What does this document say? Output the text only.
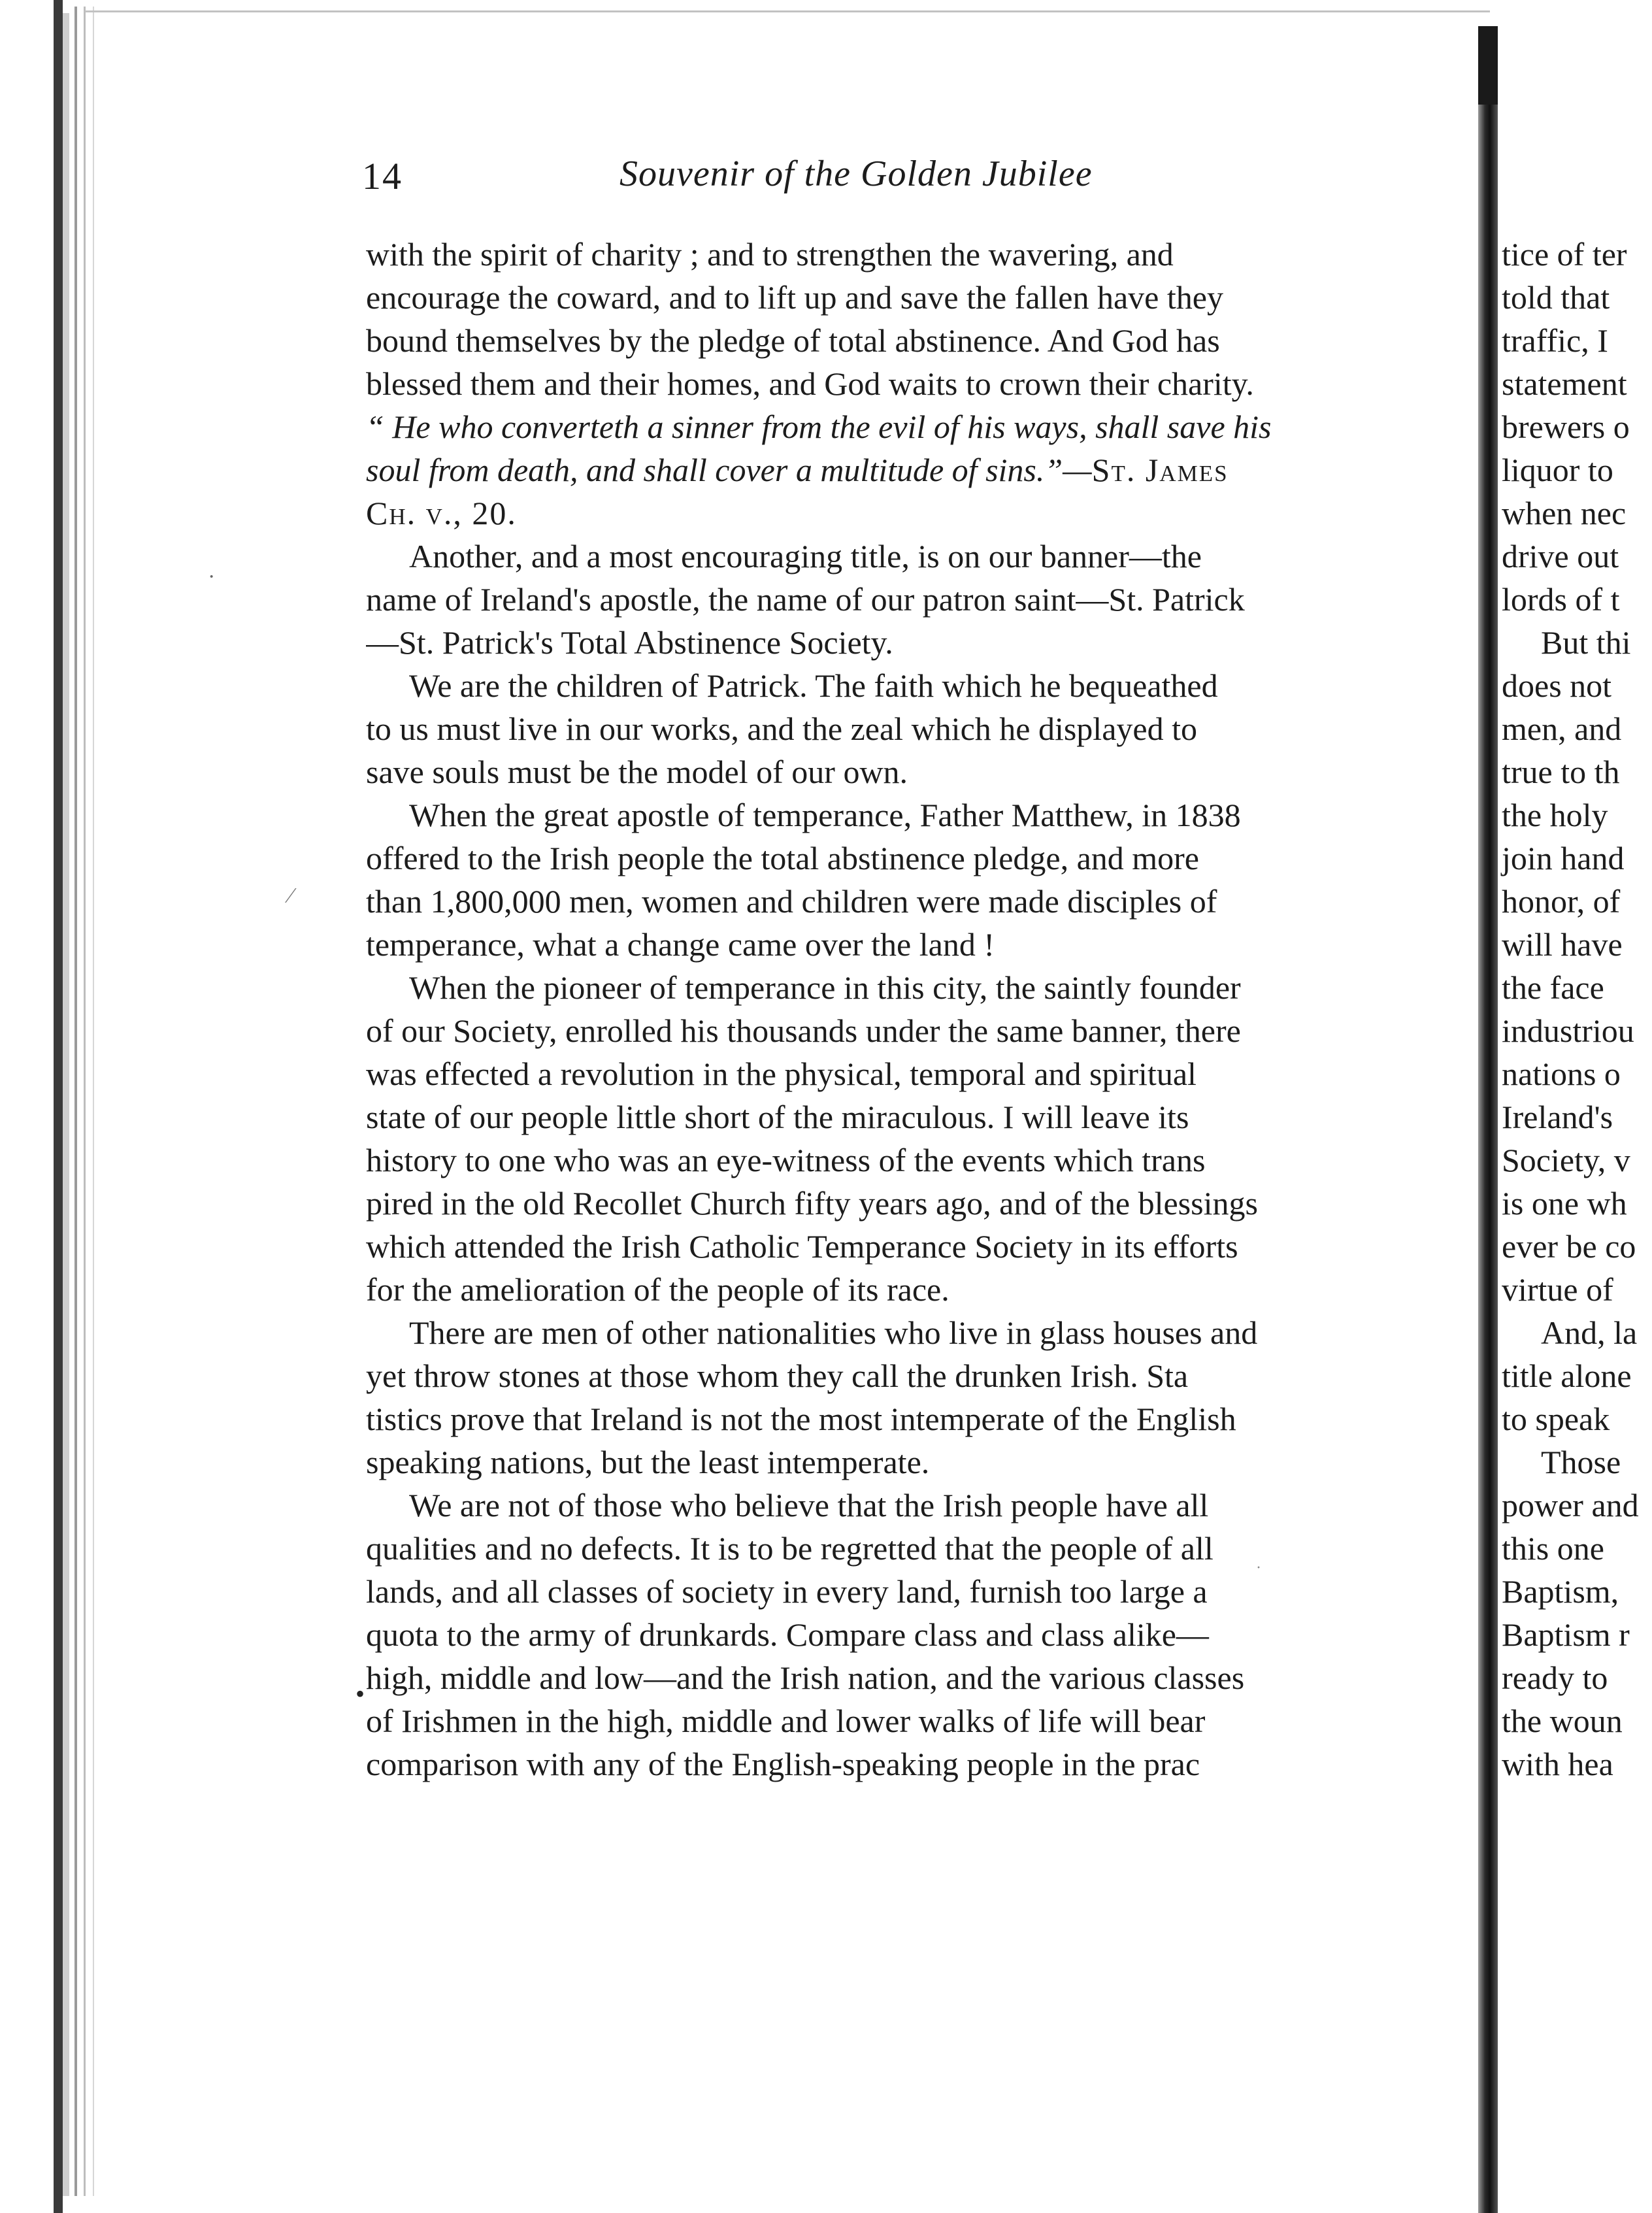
·
⁄
•
·
14	Souvenir of the Golden Jubilee
with the spirit of charity ; and to strengthen the wavering, and
encourage the coward, and to lift up and save the fallen have they
bound themselves by the pledge of total abstinence. And God has
blessed them and their homes, and God waits to crown their charity.
“ He who converteth a sinner from the evil of his ways, shall save his
soul from death, and shall cover a multitude of sins.”—St. James
Ch. v., 20.
Another, and a most encouraging title, is on our banner—the
name of Ireland's apostle, the name of our patron saint—St. Patrick
—St. Patrick's Total Abstinence Society.
We are the children of Patrick. The faith which he bequeathed
to us must live in our works, and the zeal which he displayed to
save souls must be the model of our own.
When the great apostle of temperance, Father Matthew, in 1838
offered to the Irish people the total abstinence pledge, and more
than 1,800,000 men, women and children were made disciples of
temperance, what a change came over the land !
When the pioneer of temperance in this city, the saintly founder
of our Society, enrolled his thousands under the same banner, there
was effected a revolution in the physical, temporal and spiritual
state of our people little short of the miraculous. I will leave its
history to one who was an eye-witness of the events which trans
pired in the old Recollet Church fifty years ago, and of the blessings
which attended the Irish Catholic Temperance Society in its efforts
for the amelioration of the people of its race.
There are men of other nationalities who live in glass houses and
yet throw stones at those whom they call the drunken Irish. Sta
tistics prove that Ireland is not the most intemperate of the English
speaking nations, but the least intemperate.
We are not of those who believe that the Irish people have all
qualities and no defects. It is to be regretted that the people of all
lands, and all classes of society in every land, furnish too large a
quota to the army of drunkards. Compare class and class alike—
high, middle and low—and the Irish nation, and the various classes
of Irishmen in the high, middle and lower walks of life will bear
comparison with any of the English-speaking people in the prac
tice of ter
told that
traffic, I
statement
brewers o
liquor to
when nec
drive out
lords of t
But thi
does not
men, and
true to th
the holy
join hand
honor, of
will have
the face
industriou
nations o
Ireland's
Society, v
is one wh
ever be co
virtue of
And, la
title alone
to speak
Those
power and
this one
Baptism,
Baptism r
ready to
the woun
with hea
